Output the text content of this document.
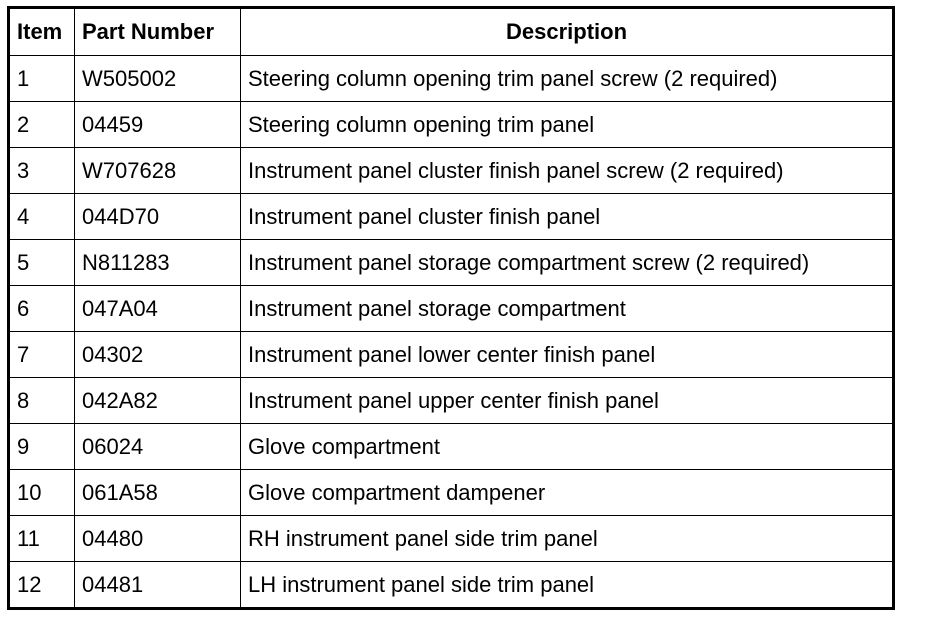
Item	Part Number	Description
1	W505002	Steering column opening trim panel screw (2 required)
2	04459	Steering column opening trim panel
3	W707628	Instrument panel cluster finish panel screw (2 required)
4	044D70	Instrument panel cluster finish panel
5	N811283	Instrument panel storage compartment screw (2 required)
6	047A04	Instrument panel storage compartment
7	04302	Instrument panel lower center finish panel
8	042A82	Instrument panel upper center finish panel
9	06024	Glove compartment
10	061A58	Glove compartment dampener
11	04480	RH instrument panel side trim panel
12	04481	LH instrument panel side trim panel
